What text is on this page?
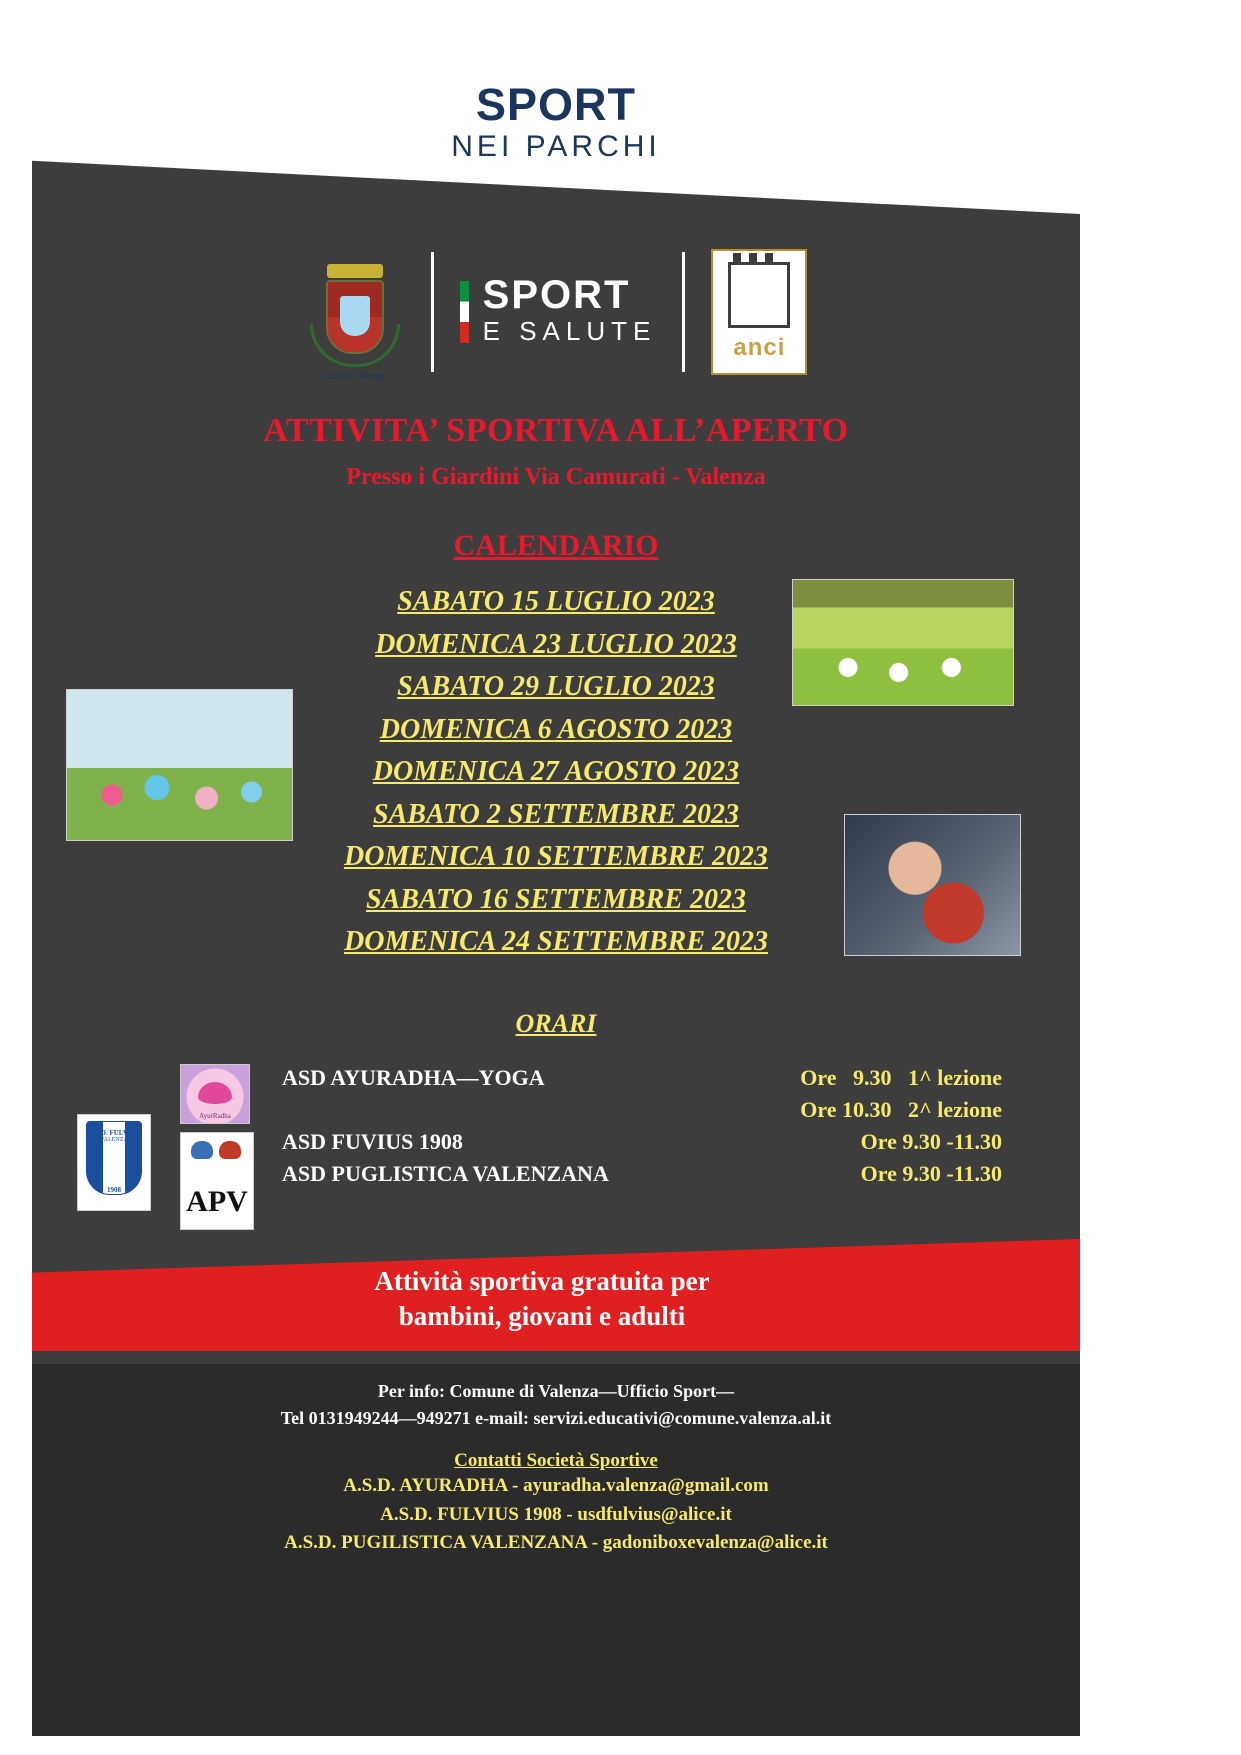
SPORT
NEI PARCHI
Città di Valenza
SPORT
E SALUTE
anci
ATTIVITA’ SPORTIVA ALL’APERTO
Presso i Giardini Via Camurati - Valenza
CALENDARIO
SABATO 15 LUGLIO 2023
DOMENICA 23 LUGLIO 2023
SABATO 29 LUGLIO 2023
DOMENICA 6 AGOSTO 2023
DOMENICA 27 AGOSTO 2023
SABATO 2 SETTEMBRE 2023
DOMENICA 10 SETTEMBRE 2023
SABATO 16 SETTEMBRE 2023
DOMENICA 24 SETTEMBRE 2023
ORARI
AyurRadha
A.S.D. FULVIUS
VALENZA
1908	APV
ASD AYURADHA—YOGA	Ore   9.30   1^ lezione
Ore 10.30   2^ lezione
ASD FUVIUS 1908	Ore 9.30 -11.30
ASD PUGLISTICA VALENZANA	Ore 9.30 -11.30
Attività sportiva gratuita per
bambini, giovani e adulti
Per info: Comune di Valenza—Ufficio Sport—
Tel 0131949244—949271 e-mail: servizi.educativi@comune.valenza.al.it
Contatti Società Sportive
A.S.D. AYURADHA - ayuradha.valenza@gmail.com
A.S.D. FULVIUS 1908 - usdfulvius@alice.it
A.S.D. PUGILISTICA VALENZANA - gadoniboxevalenza@alice.it
